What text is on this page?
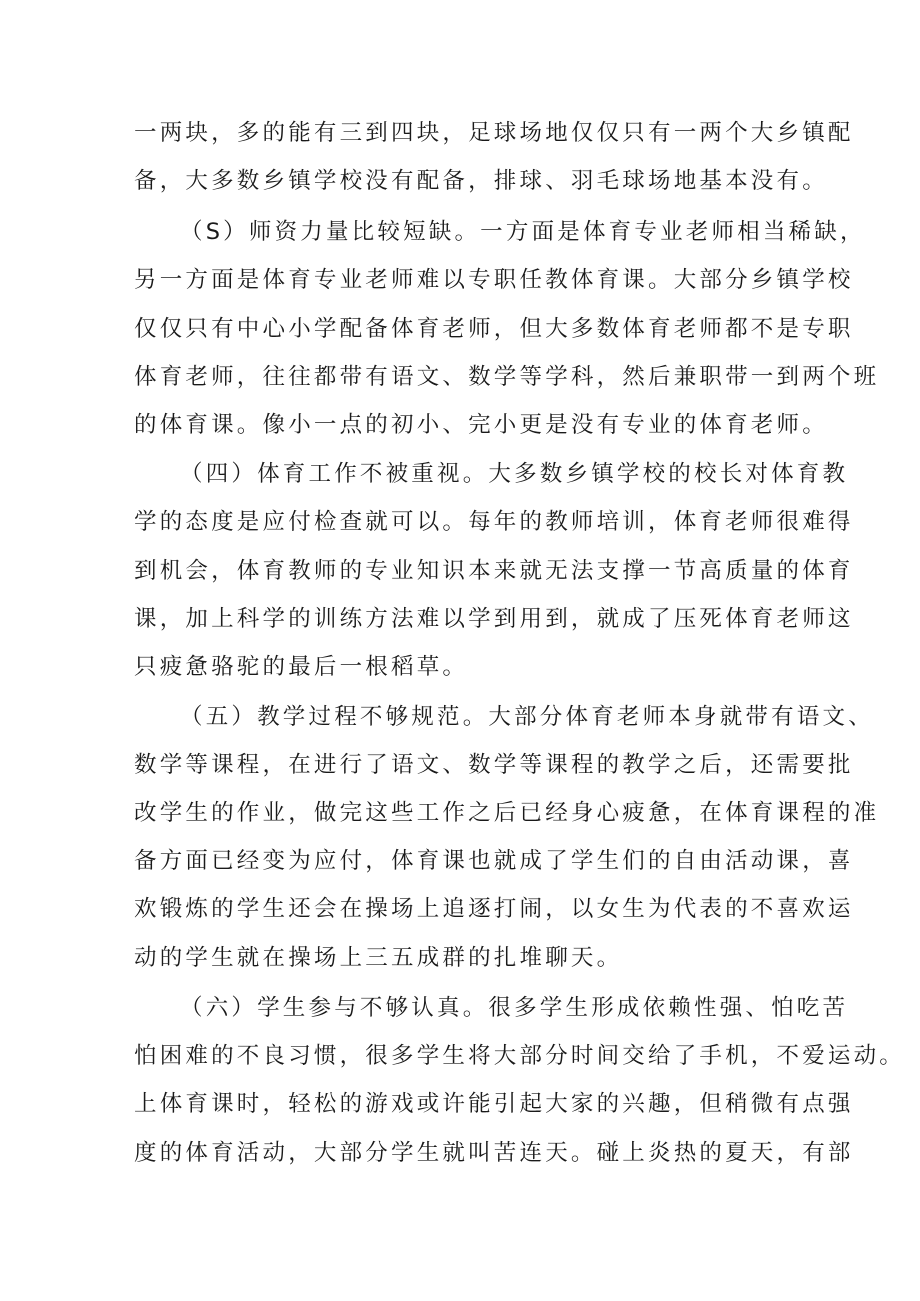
一两块，多的能有三到四块，足球场地仅仅只有一两个大乡镇配
备，大多数乡镇学校没有配备，排球、羽毛球场地基本没有。
（S）师资力量比较短缺。一方面是体育专业老师相当稀缺，
另一方面是体育专业老师难以专职任教体育课。大部分乡镇学校
仅仅只有中心小学配备体育老师，但大多数体育老师都不是专职
体育老师，往往都带有语文、数学等学科，然后兼职带一到两个班
的体育课。像小一点的初小、完小更是没有专业的体育老师。
（四）体育工作不被重视。大多数乡镇学校的校长对体育教
学的态度是应付检查就可以。每年的教师培训，体育老师很难得
到机会，体育教师的专业知识本来就无法支撑一节高质量的体育
课，加上科学的训练方法难以学到用到，就成了压死体育老师这
只疲惫骆驼的最后一根稻草。
（五）教学过程不够规范。大部分体育老师本身就带有语文、
数学等课程，在进行了语文、数学等课程的教学之后，还需要批
改学生的作业，做完这些工作之后已经身心疲惫，在体育课程的准
备方面已经变为应付，体育课也就成了学生们的自由活动课，喜
欢锻炼的学生还会在操场上追逐打闹，以女生为代表的不喜欢运
动的学生就在操场上三五成群的扎堆聊天。
（六）学生参与不够认真。很多学生形成依赖性强、怕吃苦
怕困难的不良习惯，很多学生将大部分时间交给了手机，不爱运动。
上体育课时，轻松的游戏或许能引起大家的兴趣，但稍微有点强
度的体育活动，大部分学生就叫苦连天。碰上炎热的夏天，有部
